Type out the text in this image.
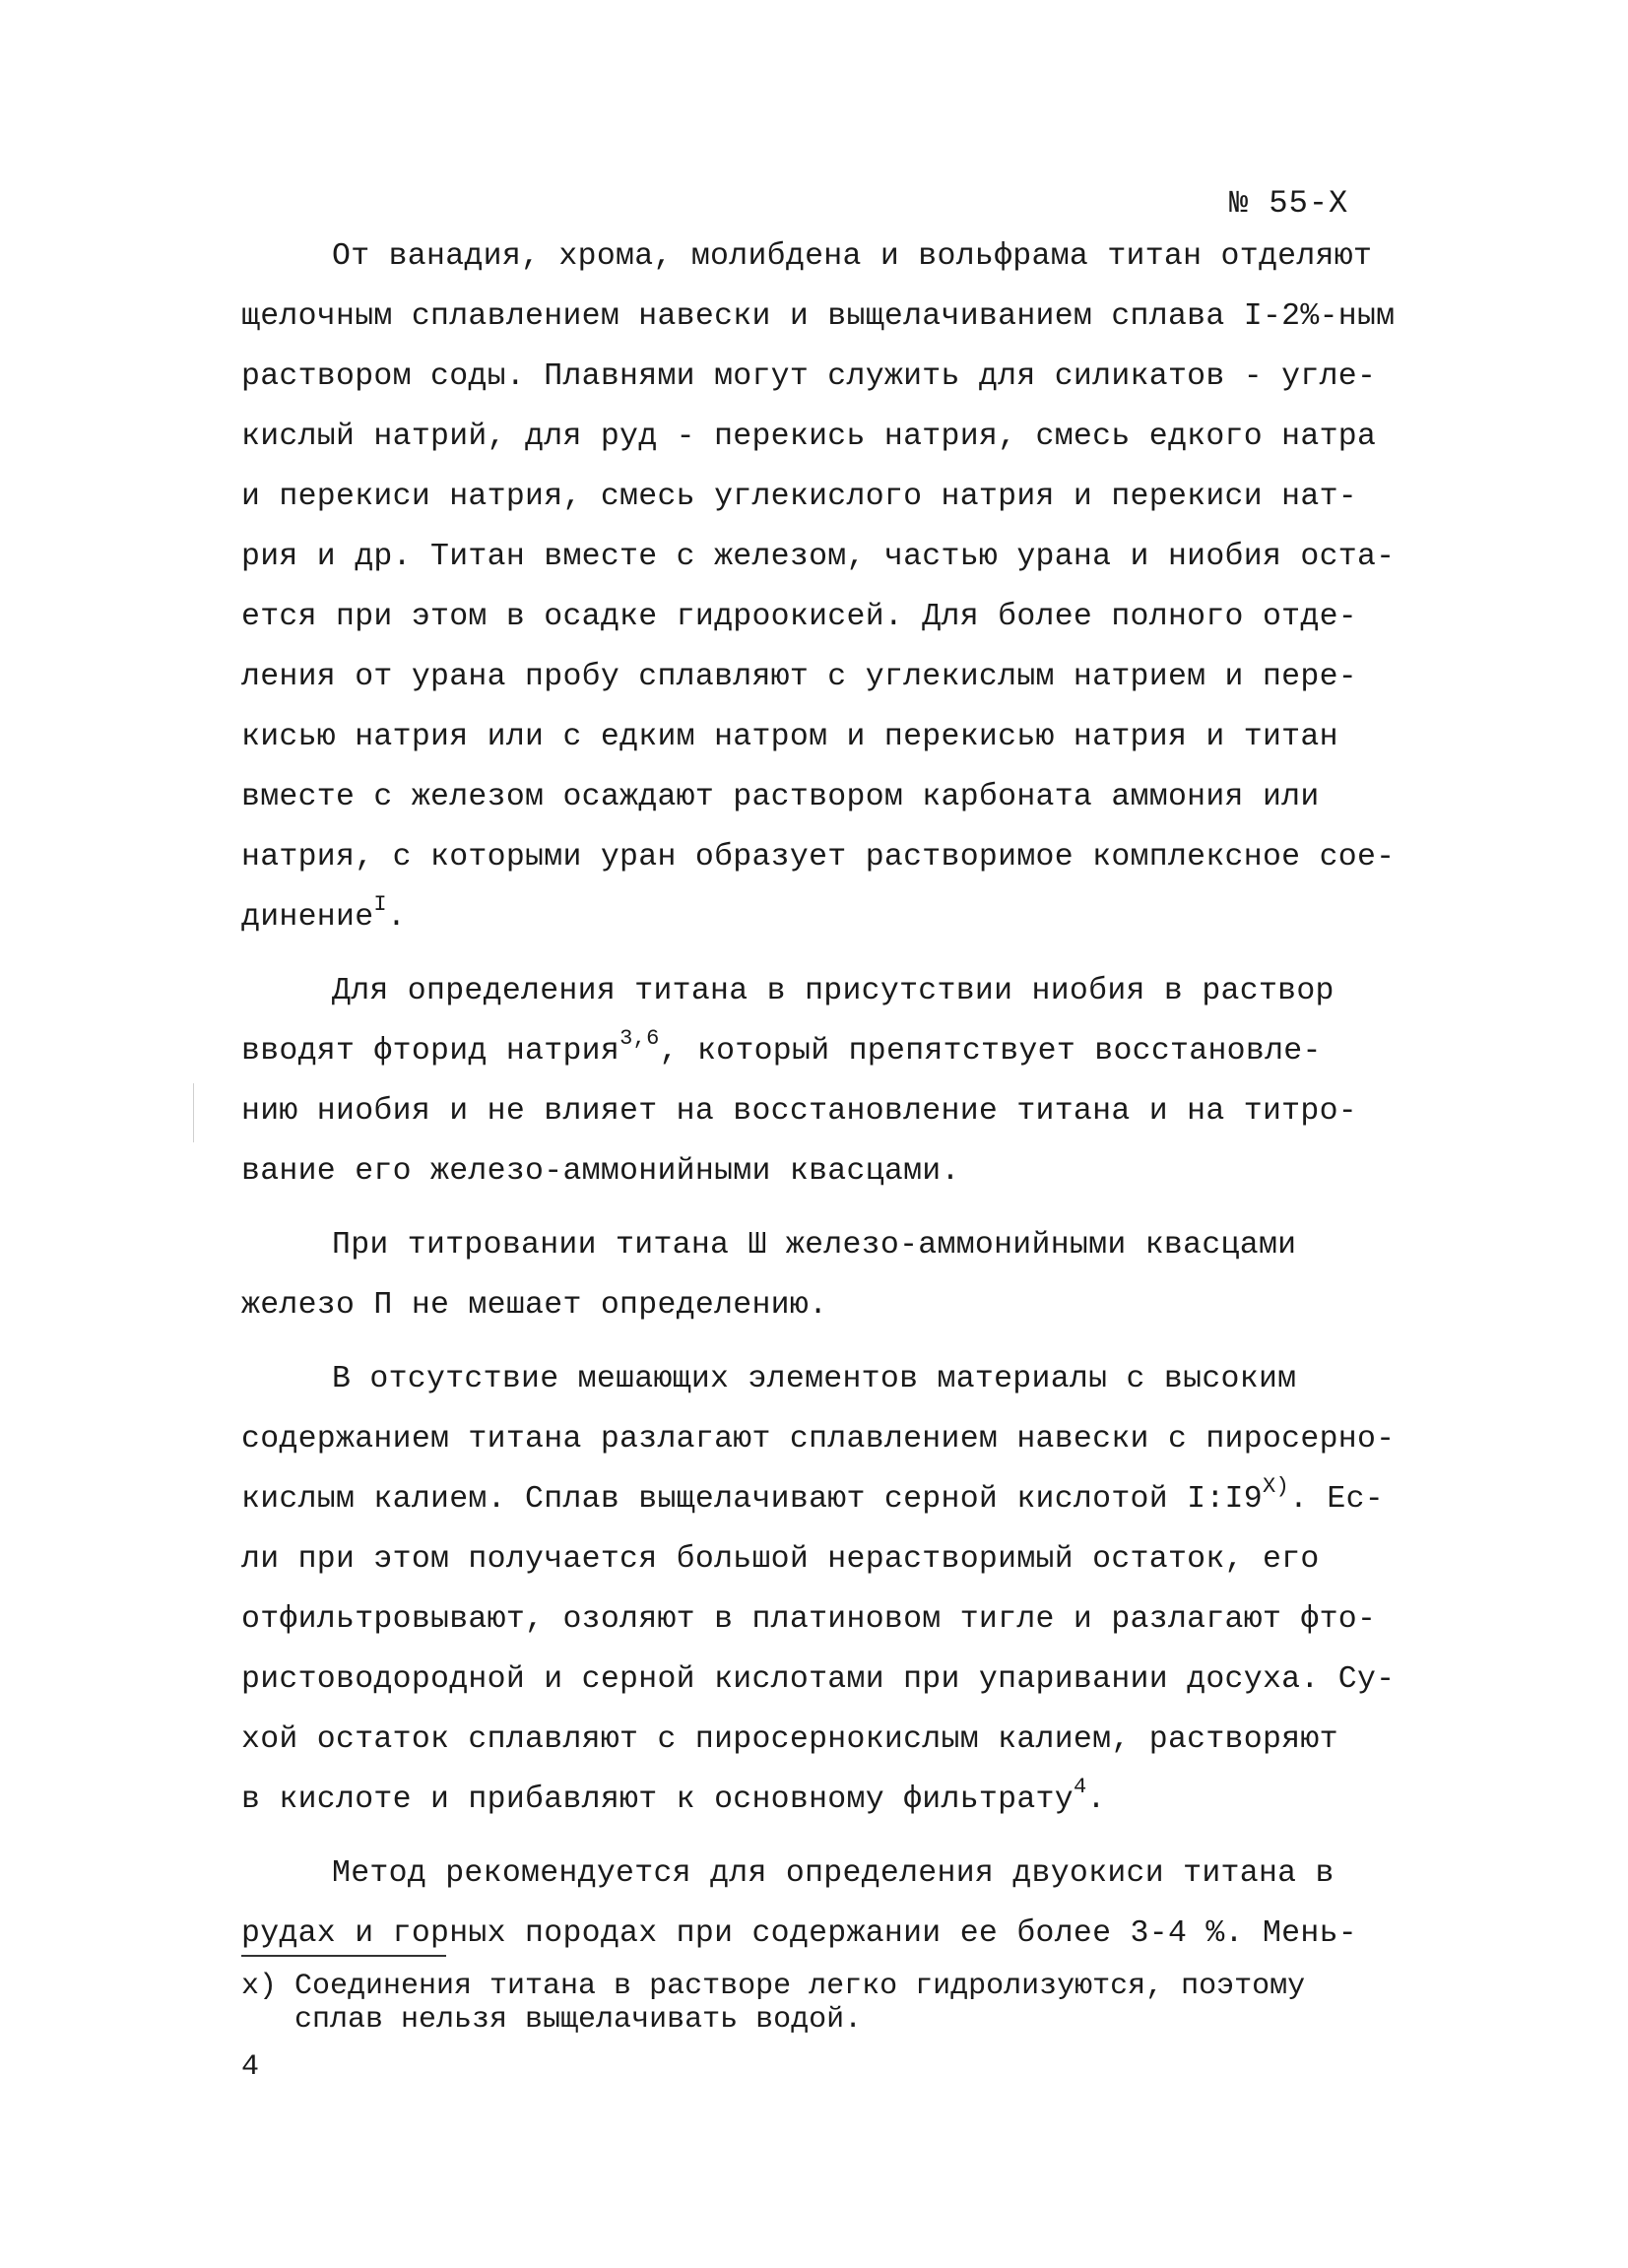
№ 55-Х

От ванадия, хрома, молибдена и вольфрама титан отделяют
щелочным сплавлением навески и выщелачиванием сплава I-2%-ным
раствором соды. Плавнями могут служить для силикатов - угле-
кислый натрий, для руд - перекись натрия, смесь едкого натра
и перекиси натрия, смесь углекислого натрия и перекиси нат-
рия и др. Титан вместе с железом, частью урана и ниобия оста-
ется при этом в осадке гидроокисей. Для более полного отде-
ления от урана пробу сплавляют с углекислым натрием и пере-
кисью натрия или с едким натром и перекисью натрия и титан
вместе с железом осаждают раствором карбоната аммония или
натрия, с которыми уран образует растворимое комплексное сое-
динение$^I$.

Для определения титана в присутствии ниобия в раствор
вводят фторид натрия$^{3,6}$, который препятствует восстановле-
нию ниобия и не влияет на восстановление титана и на титро-
вание его железо-аммонийными квасцами.

При титровании титана Ш железо-аммонийными квасцами
железо П не мешает определению.

В отсутствие мешающих элементов материалы с высоким
содержанием титана разлагают сплавлением навески с пиросерно-
кислым калием. Сплав выщелачивают серной кислотой $I:I9^{Х)}$. Ес-
ли при этом получается большой нерастворимый остаток, его
отфильтровывают, озоляют в платиновом тигле и разлагают фто-
ристоводородной и серной кислотами при упаривании досуха. Су-
хой остаток сплавляют с пиросернокислым калием, растворяют
в кислоте и прибавляют к основному фильтрату$^4$.

Метод рекомендуется для определения двуокиси титана в
рудах и горных породах при содержании ее более 3-4 %. Мень-

х) Соединения титана в растворе легко гидролизуются, поэтому
сплав нельзя выщелачивать водой.
4
